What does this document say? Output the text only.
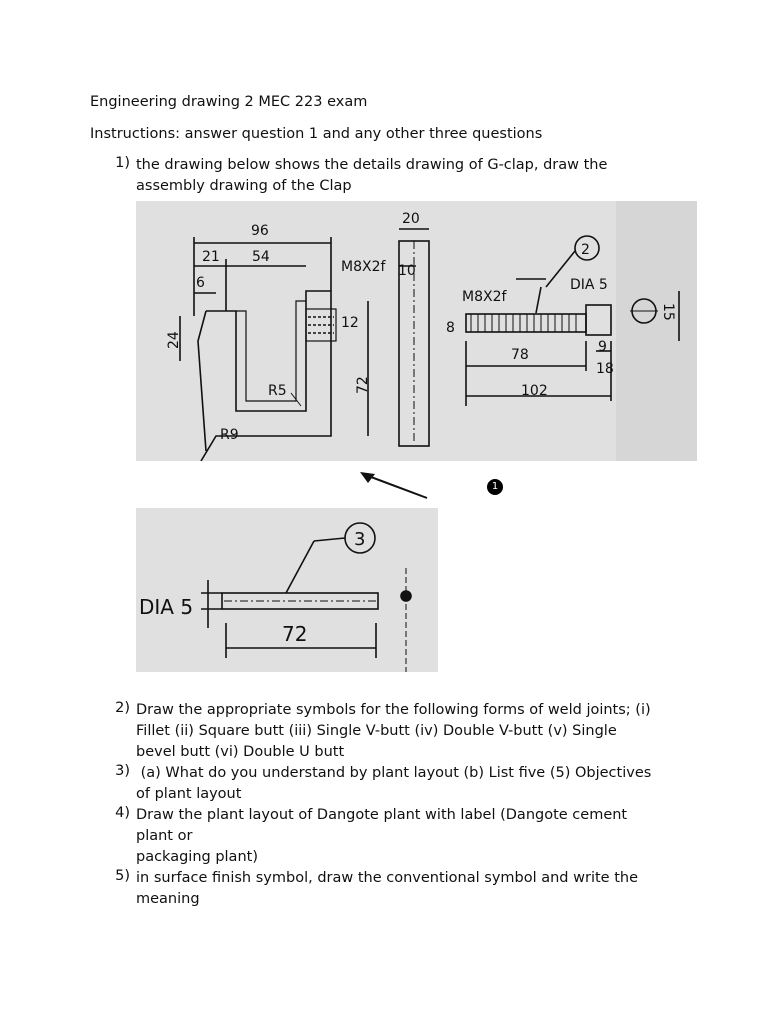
Engineering drawing 2 MEC 223 exam
Instructions: answer question 1 and any other three questions
1) the drawing below shows the details drawing of G-clap, draw the
assembly drawing of the Clap
96
54
21
6
24
20
10
12
72
8
78
102
9
18
15
M8X2f
M8X2f
DIA 5
R5
R9
2
1
DIA 5
72
3
2) Draw the appropriate symbols for the following forms of weld joints; (i)
Fillet (ii) Square butt (iii) Single V-butt (iv) Double V-butt (v) Single
bevel butt (vi) Double U butt
3) (a) What do you understand by plant layout (b) List five (5) Objectives
of plant layout
4) Draw the plant layout of Dangote plant with label (Dangote cement
plant or
packaging plant)
5) in surface finish symbol, draw the conventional symbol and write the
meaning
